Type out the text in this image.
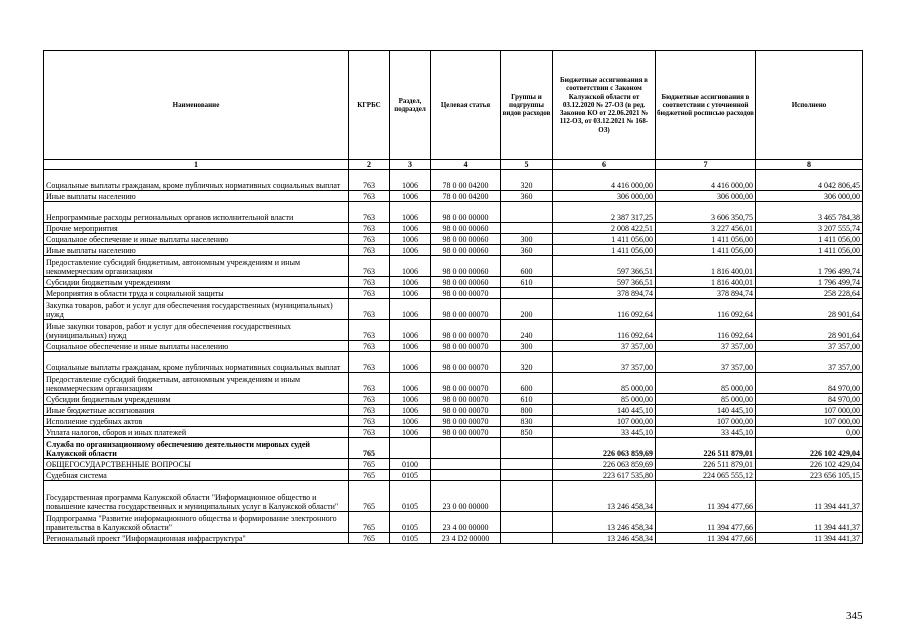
Наименование	КГРБС	Раздел, подраздел	Целевая статья	Группы и подгруппы видов расходов	Бюджетные ассигнования в соответствии с Законом Калужской области от 03.12.2020 № 27-ОЗ (в ред. Законов КО от 22.06.2021 № 112-ОЗ, от 03.12.2021 № 168-ОЗ)	Бюджетные ассигнования в соответствии с уточненной бюджетной росписью расходов	Исполнено
1	2	3	4	5	6	7	8
Социальные выплаты гражданам, кроме публичных нормативных социальных выплат	763	1006	78 0 00 04200	320	4 416 000,00	4 416 000,00	4 042 806,45
Иные выплаты населению	763	1006	78 0 00 04200	360	306 000,00	306 000,00	306 000,00
Непрограммные расходы региональных органов исполнительной власти	763	1006	98 0 00 00000		2 387 317,25	3 606 350,75	3 465 784,38
Прочие мероприятия	763	1006	98 0 00 00060		2 008 422,51	3 227 456,01	3 207 555,74
Социальное обеспечение и иные выплаты населению	763	1006	98 0 00 00060	300	1 411 056,00	1 411 056,00	1 411 056,00
Иные выплаты населению	763	1006	98 0 00 00060	360	1 411 056,00	1 411 056,00	1 411 056,00
Предоставление субсидий бюджетным, автономным учреждениям и иным некоммерческим организациям	763	1006	98 0 00 00060	600	597 366,51	1 816 400,01	1 796 499,74
Субсидии бюджетным учреждениям	763	1006	98 0 00 00060	610	597 366,51	1 816 400,01	1 796 499,74
Мероприятия в области труда и социальной защиты	763	1006	98 0 00 00070		378 894,74	378 894,74	258 228,64
Закупка товаров, работ и услуг для обеспечения государственных (муниципальных) нужд	763	1006	98 0 00 00070	200	116 092,64	116 092,64	28 901,64
Иные закупки товаров, работ и услуг для обеспечения государственных (муниципальных) нужд	763	1006	98 0 00 00070	240	116 092,64	116 092,64	28 901,64
Социальное обеспечение и иные выплаты населению	763	1006	98 0 00 00070	300	37 357,00	37 357,00	37 357,00
Социальные выплаты гражданам, кроме публичных нормативных социальных выплат	763	1006	98 0 00 00070	320	37 357,00	37 357,00	37 357,00
Предоставление субсидий бюджетным, автономным учреждениям и иным некоммерческим организациям	763	1006	98 0 00 00070	600	85 000,00	85 000,00	84 970,00
Субсидии бюджетным учреждениям	763	1006	98 0 00 00070	610	85 000,00	85 000,00	84 970,00
Иные бюджетные ассигнования	763	1006	98 0 00 00070	800	140 445,10	140 445,10	107 000,00
Исполнение судебных актов	763	1006	98 0 00 00070	830	107 000,00	107 000,00	107 000,00
Уплата налогов, сборов и иных платежей	763	1006	98 0 00 00070	850	33 445,10	33 445,10	0,00
Служба по организационному обеспечению деятельности мировых судей Калужской области	765				226 063 859,69	226 511 879,01	226 102 429,04
ОБЩЕГОСУДАРСТВЕННЫЕ ВОПРОСЫ	765	0100			226 063 859,69	226 511 879,01	226 102 429,04
Судебная система	765	0105			223 617 535,80	224 065 555,12	223 656 105,15
Государственная программа Калужской области "Информационное общество и повышение качества государственных и муниципальных услуг в Калужской области"	765	0105	23 0 00 00000		13 246 458,34	11 394 477,66	11 394 441,37
Подпрограмма "Развитие информационного общества и формирование электронного правительства в Калужской области"	765	0105	23 4 00 00000		13 246 458,34	11 394 477,66	11 394 441,37
Региональный проект "Информационная инфраструктура"	765	0105	23 4 D2 00000		13 246 458,34	11 394 477,66	11 394 441,37
345
